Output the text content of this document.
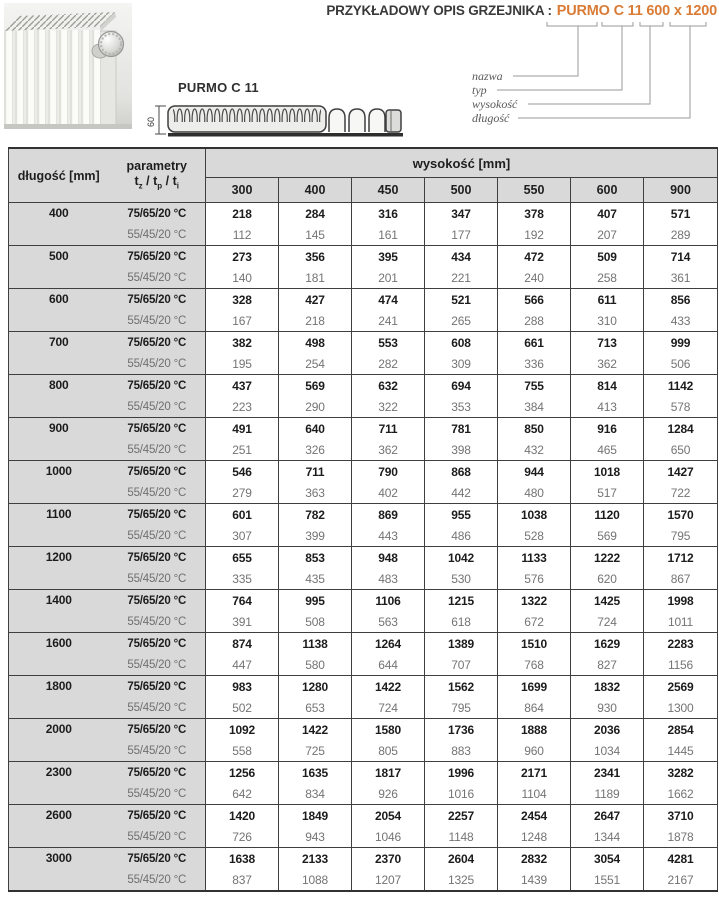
PURMO C 11
60
PRZYKŁADOWY OPIS GRZEJNIKA : PURMO C 11 600 x 1200
nazwa
typ
wysokość
długość
długość [mm]
parametry
$t_z / t_p / t_i$		wysokość [mm]						
		300	400	450	500	550	600	900
400	75/65/20 °C	218	284	316	347	378	407	571
	55/45/20 °C	112	145	161	177	192	207	289
500	75/65/20 °C	273	356	395	434	472	509	714
	55/45/20 °C	140	181	201	221	240	258	361
600	75/65/20 °C	328	427	474	521	566	611	856
	55/45/20 °C	167	218	241	265	288	310	433
700	75/65/20 °C	382	498	553	608	661	713	999
	55/45/20 °C	195	254	282	309	336	362	506
800	75/65/20 °C	437	569	632	694	755	814	1142
	55/45/20 °C	223	290	322	353	384	413	578
900	75/65/20 °C	491	640	711	781	850	916	1284
	55/45/20 °C	251	326	362	398	432	465	650
1000	75/65/20 °C	546	711	790	868	944	1018	1427
	55/45/20 °C	279	363	402	442	480	517	722
1100	75/65/20 °C	601	782	869	955	1038	1120	1570
	55/45/20 °C	307	399	443	486	528	569	795
1200	75/65/20 °C	655	853	948	1042	1133	1222	1712
	55/45/20 °C	335	435	483	530	576	620	867
1400	75/65/20 °C	764	995	1106	1215	1322	1425	1998
	55/45/20 °C	391	508	563	618	672	724	1011
1600	75/65/20 °C	874	1138	1264	1389	1510	1629	2283
	55/45/20 °C	447	580	644	707	768	827	1156
1800	75/65/20 °C	983	1280	1422	1562	1699	1832	2569
	55/45/20 °C	502	653	724	795	864	930	1300
2000	75/65/20 °C	1092	1422	1580	1736	1888	2036	2854
	55/45/20 °C	558	725	805	883	960	1034	1445
2300	75/65/20 °C	1256	1635	1817	1996	2171	2341	3282
	55/45/20 °C	642	834	926	1016	1104	1189	1662
2600	75/65/20 °C	1420	1849	2054	2257	2454	2647	3710
	55/45/20 °C	726	943	1046	1148	1248	1344	1878
3000	75/65/20 °C	1638	2133	2370	2604	2832	3054	4281
	55/45/20 °C	837	1088	1207	1325	1439	1551	2167
